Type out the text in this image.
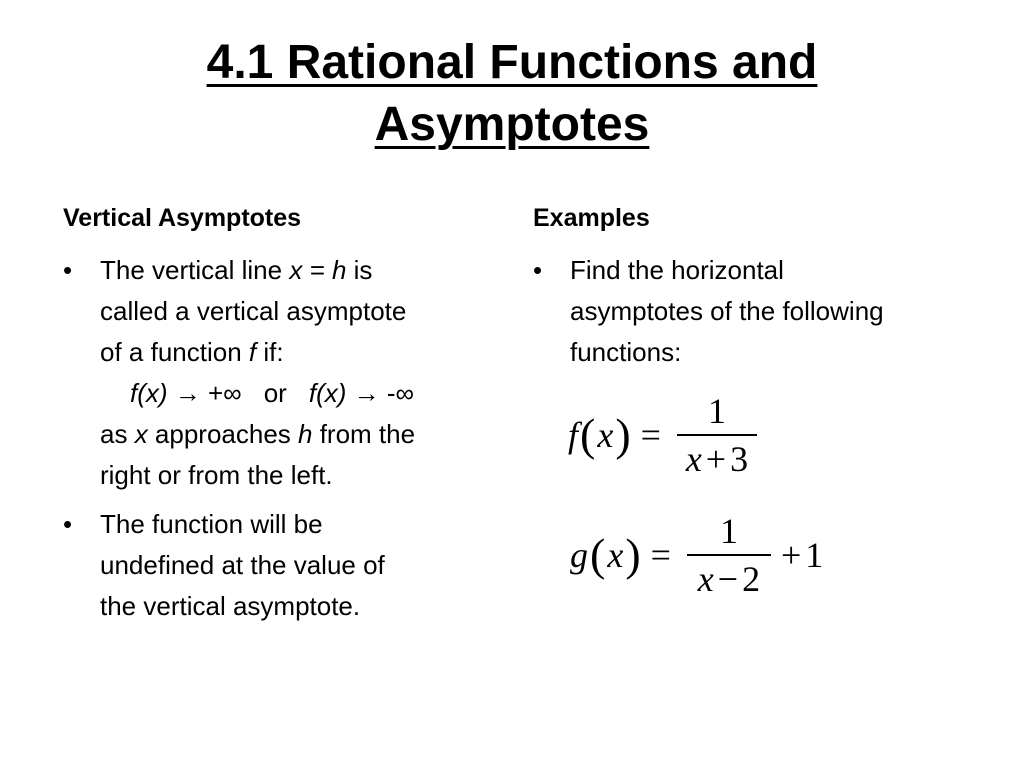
4.1 Rational Functions and
Asymptotes
Vertical Asymptotes	Examples
• The vertical line x = h is
called a vertical asymptote
of a function f if:
f(x) → +∞ or f(x) → -∞
as x approaches h from the
right or from the left.
• The function will be
undefined at the value of
the vertical asymptote.
• Find the horizontal
asymptotes of the following
functions:
f ( x ) = $\frac{1}{x + 3}$
g ( x ) = $\frac{1}{x - 2} + 1$
